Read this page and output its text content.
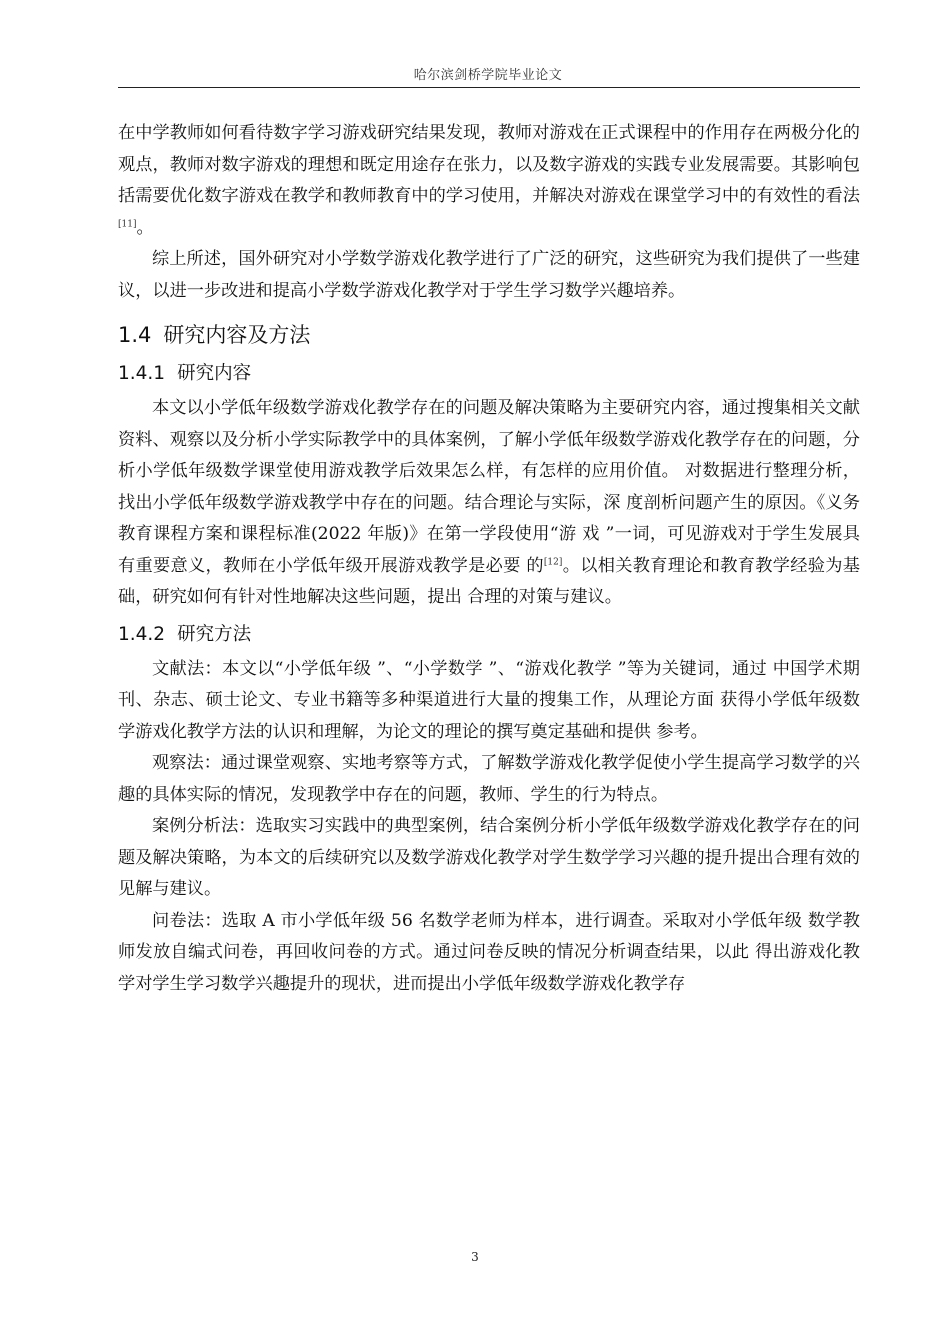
哈尔滨剑桥学院毕业论文

在中学教师如何看待数字学习游戏研究结果发现，教师对游戏在正式课程中的作用存在两极分化的观点，教师对数字游戏的理想和既定用途存在张力，以及数字游戏的实践专业发展需要。其影响包括需要优化数字游戏在教学和教师教育中的学习使用，并解决对游戏在课堂学习中的有效性的看法[11]。

综上所述，国外研究对小学数学游戏化教学进行了广泛的研究，这些研究为我们提供了一些建议，以进一步改进和提高小学数学游戏化教学对于学生学习数学兴趣培养。

1.4 研究内容及方法
1.4.1 研究内容

本文以小学低年级数学游戏化教学存在的问题及解决策略为主要研究内容，通过搜集相关文献资料、观察以及分析小学实际教学中的具体案例，了解小学低年级数学游戏化教学存在的问题，分析小学低年级数学课堂使用游戏教学后效果怎么样，有怎样的应用价值。 对数据进行整理分析，找出小学低年级数学游戏教学中存在的问题。结合理论与实际，深 度剖析问题产生的原因。《义务教育课程方案和课程标准(2022 年版)》在第一学段使用“游 戏 ”一词，可见游戏对于学生发展具有重要意义，教师在小学低年级开展游戏教学是必要 的[12]。以相关教育理论和教育教学经验为基础，研究如何有针对性地解决这些问题，提出 合理的对策与建议。

1.4.2 研究方法

文献法：本文以“小学低年级 ”、“小学数学 ”、“游戏化教学 ”等为关键词，通过 中国学术期刊、杂志、硕士论文、专业书籍等多种渠道进行大量的搜集工作，从理论方面 获得小学低年级数学游戏化教学方法的认识和理解，为论文的理论的撰写奠定基础和提供 参考。

观察法：通过课堂观察、实地考察等方式，了解数学游戏化教学促使小学生提高学习数学的兴趣的具体实际的情况，发现教学中存在的问题，教师、学生的行为特点。

案例分析法：选取实习实践中的典型案例，结合案例分析小学低年级数学游戏化教学存在的问题及解决策略，为本文的后续研究以及数学游戏化教学对学生数学学习兴趣的提升提出合理有效的见解与建议。

问卷法：选取 A 市小学低年级 56 名数学老师为样本，进行调查。采取对小学低年级 数学教师发放自编式问卷，再回收问卷的方式。通过问卷反映的情况分析调查结果，以此 得出游戏化教学对学生学习数学兴趣提升的现状，进而提出小学低年级数学游戏化教学存

3
